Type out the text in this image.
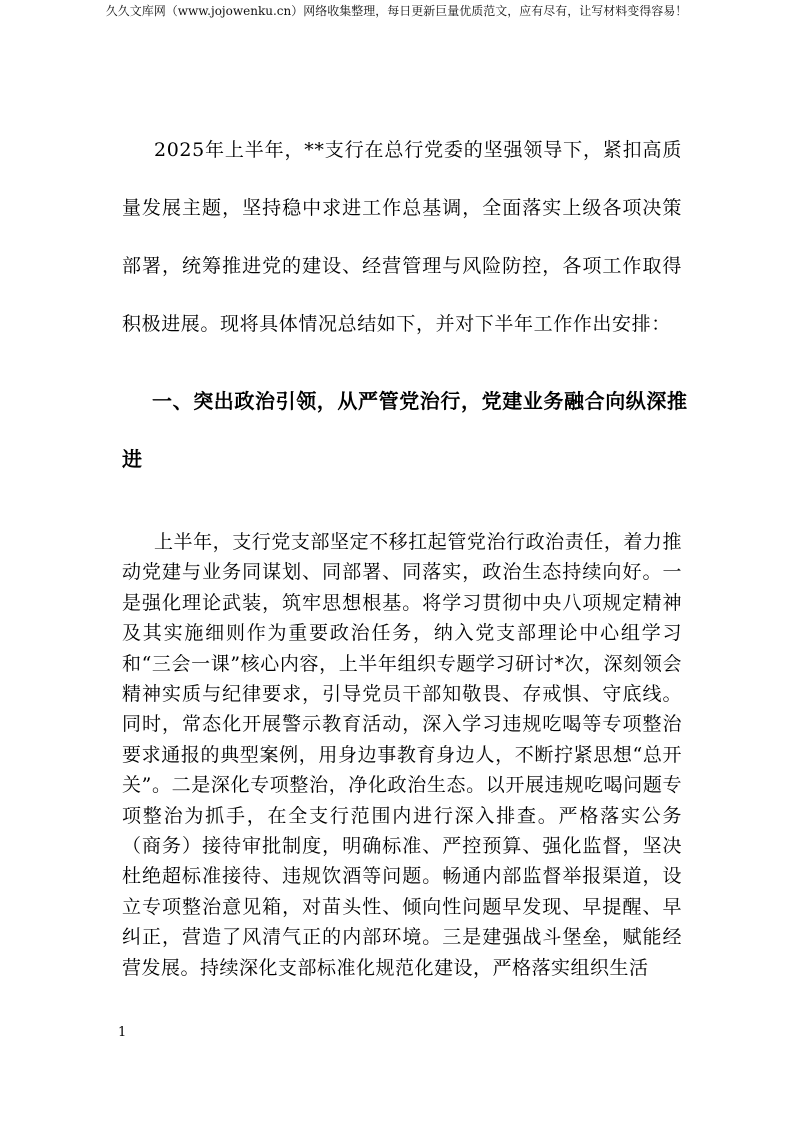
久久文库网（www.jojowenku.cn）网络收集整理，每日更新巨量优质范文，应有尽有，让写材料变得容易！

2025年上半年，**支行在总行党委的坚强领导下，紧扣高质量发展主题，坚持稳中求进工作总基调，全面落实上级各项决策部署，统筹推进党的建设、经营管理与风险防控，各项工作取得积极进展。现将具体情况总结如下，并对下半年工作作出安排：

一、突出政治引领，从严管党治行，党建业务融合向纵深推进

上半年，支行党支部坚定不移扛起管党治行政治责任，着力推动党建与业务同谋划、同部署、同落实，政治生态持续向好。一是强化理论武装，筑牢思想根基。将学习贯彻中央八项规定精神及其实施细则作为重要政治任务，纳入党支部理论中心组学习和“三会一课”核心内容，上半年组织专题学习研讨*次，深刻领会精神实质与纪律要求，引导党员干部知敬畏、存戒惧、守底线。同时，常态化开展警示教育活动，深入学习违规吃喝等专项整治要求通报的典型案例，用身边事教育身边人，不断拧紧思想“总开关”。二是深化专项整治，净化政治生态。以开展违规吃喝问题专项整治为抓手，在全支行范围内进行深入排查。严格落实公务（商务）接待审批制度，明确标准、严控预算、强化监督，坚决杜绝超标准接待、违规饮酒等问题。畅通内部监督举报渠道，设立专项整治意见箱，对苗头性、倾向性问题早发现、早提醒、早纠正，营造了风清气正的内部环境。三是建强战斗堡垒，赋能经营发展。持续深化支部标准化规范化建设，严格落实组织生活

1
